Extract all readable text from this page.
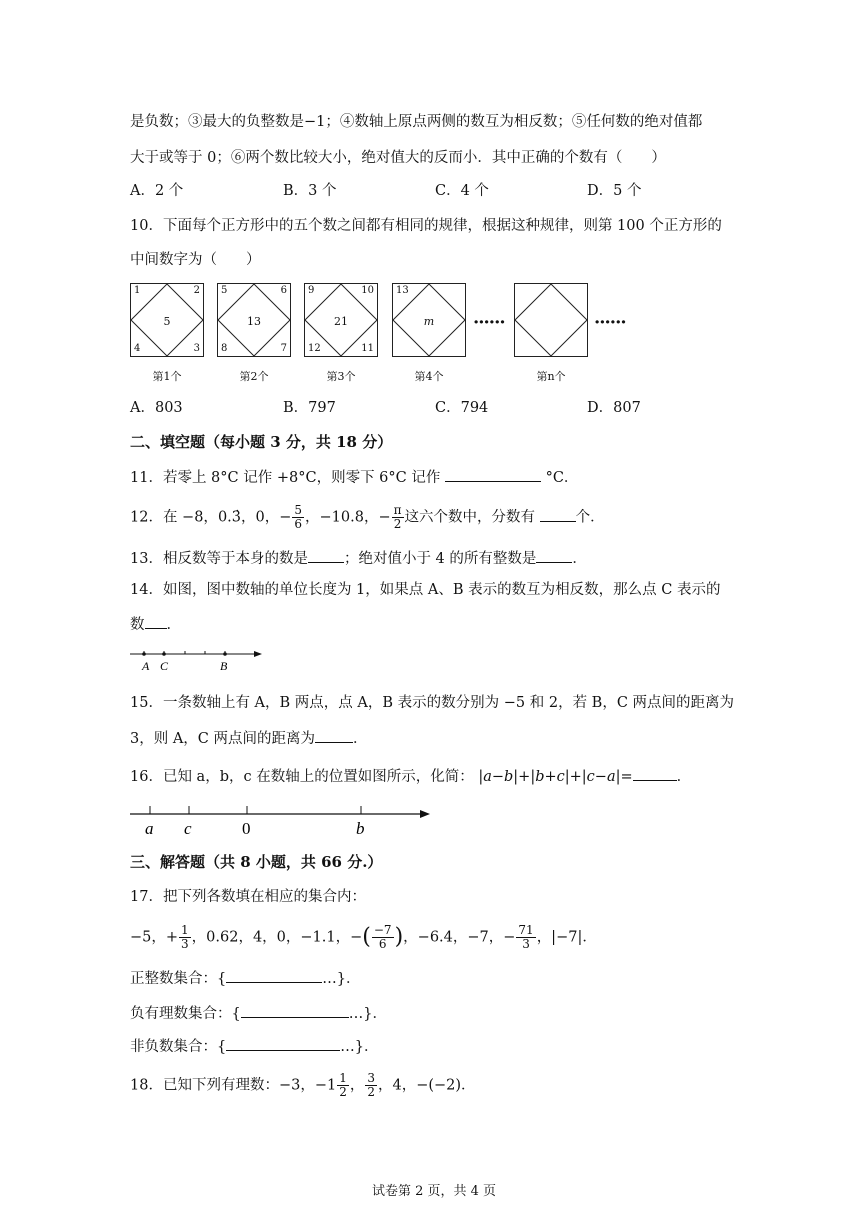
是负数；③最大的负整数是−1；④数轴上原点两侧的数互为相反数；⑤任何数的绝对值都
大于或等于 0；⑥两个数比较大小，绝对值大的反而小．其中正确的个数有（　　）
A．2 个	B．3 个	C．4 个	D．5 个
10．下面每个正方形中的五个数之间都有相同的规律，根据这种规律，则第 100 个正方形的
中间数字为（　　）
1	2
4	3
5
第1个
5	6
8	7
13
第2个
9	10
12	11
21
第3个
13
m
第4个	第n个
······	······
A．803	B．797	C．794	D．807
二、填空题（每小题 3 分，共 18 分）
11．若零上 8°C 记作 +8°C，则零下 6°C 记作	°C．
12．在 −8，0.3̇，0，− $\frac{5}{6}$ ，−10.8，− $\frac{\pi}{2}$ 这六个数中，分数有	个．
13．相反数等于本身的数是 ；绝对值小于 4 的所有整数是 ．
14．如图，图中数轴的单位长度为 1，如果点 A、B 表示的数互为相反数，那么点 C 表示的
数 ．
A C	B
15．一条数轴上有 A，B 两点，点 A，B 表示的数分别为 −5 和 2，若 B，C 两点间的距离为
3，则 A，C 两点间的距离为	．
16．已知 a，b，c 在数轴上的位置如图所示，化简： |a−b|+|b+c|+|c−a|=	．
a c	0	b
三、解答题（共 8 小题，共 66 分.）
17．把下列各数填在相应的集合内：
−5，+ $\frac{1}{3}$ ，0.62，4，0，−1.1，−( $\frac{-7}{6}$ )，−6.4，−7，− $\frac{71}{3}$ ，|−7|．
正整数集合：{	…}．
负有理数集合：{	…}．
非负数集合：{	…}．
18．已知下列有理数：−3，$-1 \frac{1}{2}$ ， $\frac{3}{2}$ ，4，−(−2)．
试卷第 2 页，共 4 页
